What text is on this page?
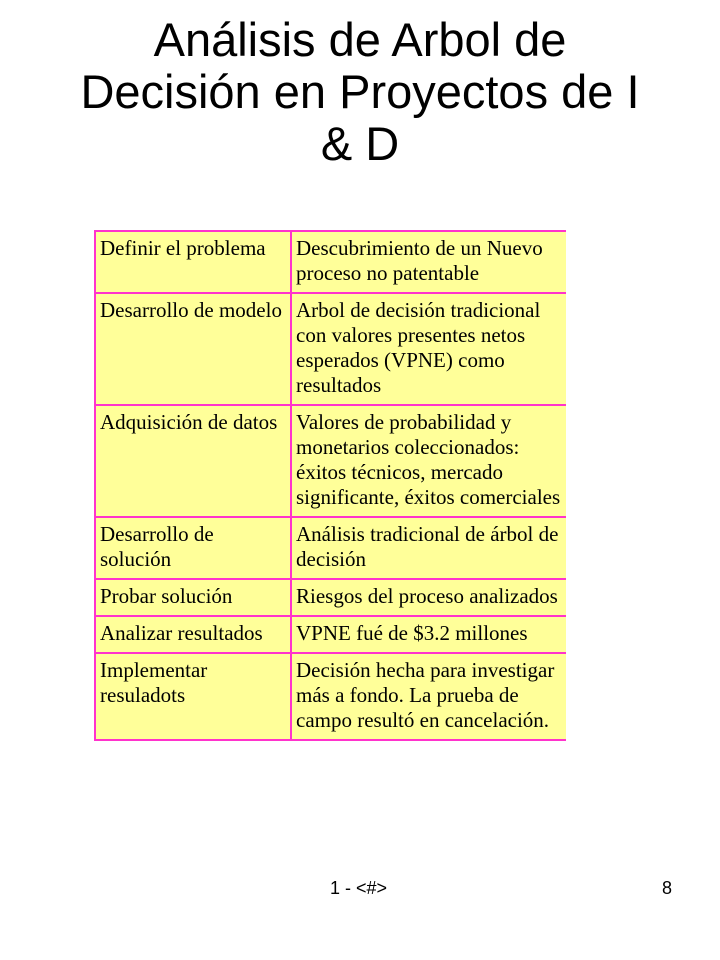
Análisis de Arbol de
Decisión en Proyectos de I
& D
Definir el problema	Descubrimiento de un Nuevo proceso no patentable
Desarrollo de modelo	Arbol de decisión tradicional con valores presentes netos esperados (VPNE) como resultados
Adquisición de datos	Valores de probabilidad y monetarios coleccionados: éxitos técnicos, mercado significante, éxitos comerciales
Desarrollo de solución	Análisis tradicional de árbol de decisión
Probar solución	Riesgos del proceso analizados
Analizar resultados	VPNE fué de $3.2 millones
Implementar resuladots	Decisión hecha para investigar más a fondo. La prueba de campo resultó en cancelación.
1 - <#>	8
